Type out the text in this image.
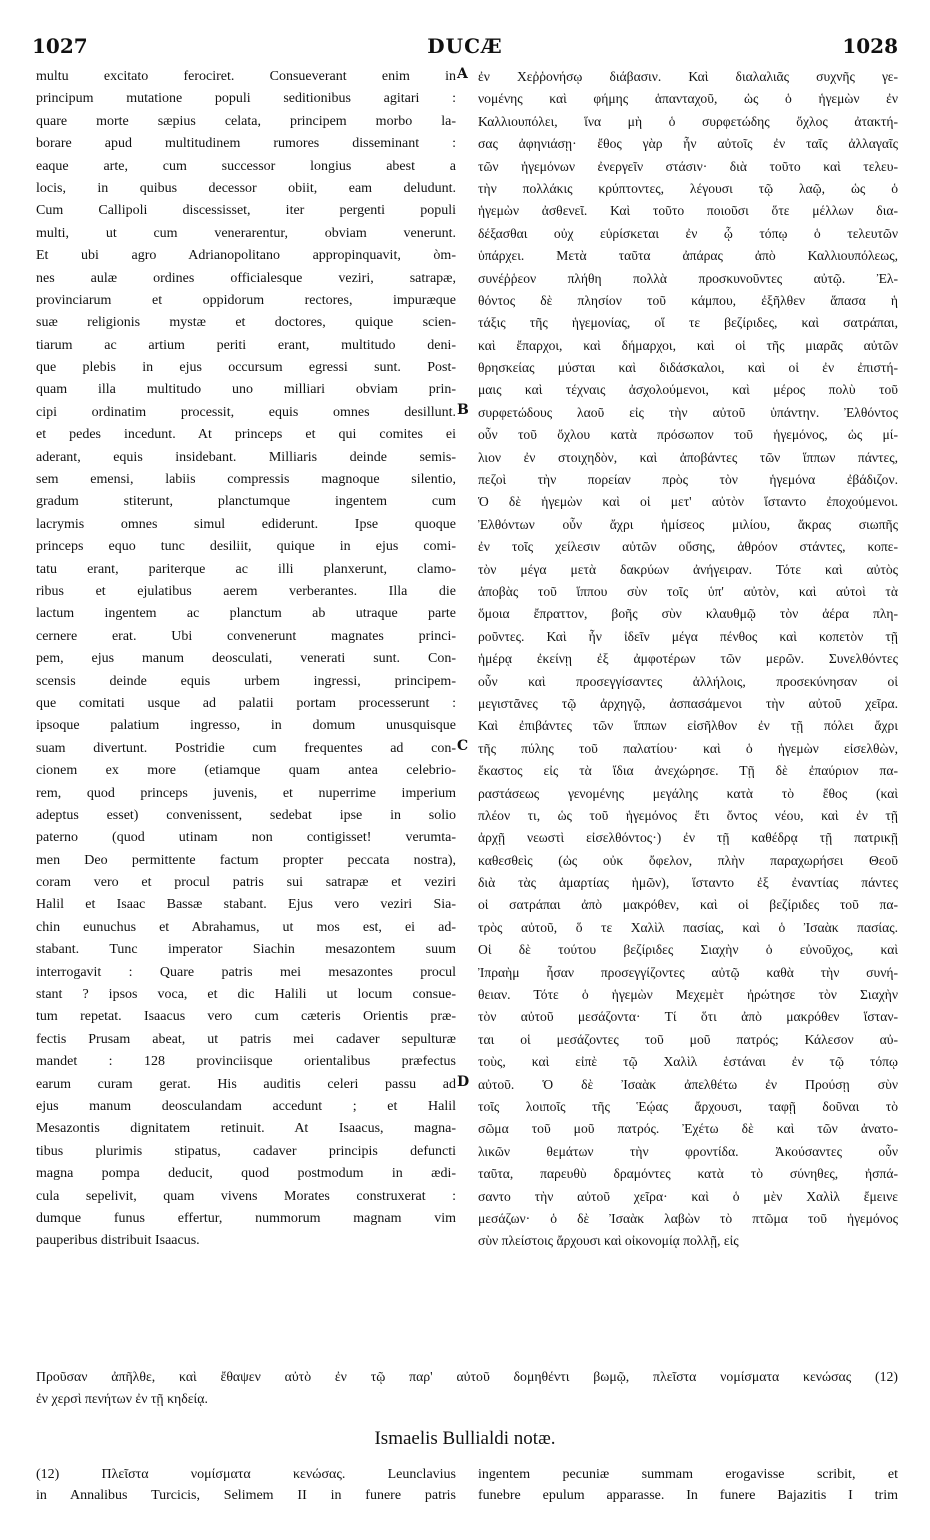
1027	DUCÆ	1028
multu excitato ferociret. Consueverant enim in
principum mutatione populi seditionibus agitari :
quare morte sæpius celata, principem morbo la-
borare apud multitudinem rumores disseminant :
eaque arte, cum successor longius abest a
locis, in quibus decessor obiit, eam deludunt.
Cum Callipoli discessisset, iter pergenti populi
multi, ut cum venerarentur, obviam venerunt.
Et ubi agro Adrianopolitano appropinquavit, òm-
nes aulæ ordines officialesque veziri, satrapæ,
provinciarum et oppidorum rectores, impuræque
suæ religionis mystæ et doctores, quique scien-
tiarum ac artium periti erant, multitudo deni-
que plebis in ejus occursum egressi sunt. Post-
quam illa multitudo uno milliari obviam prin-
cipi ordinatim processit, equis omnes desillunt.
et pedes incedunt. At princeps et qui comites ei
aderant, equis insidebant. Milliaris deinde semis-
sem emensi, labiis compressis magnoque silentio,
gradum stiterunt, planctumque ingentem cum
lacrymis omnes simul ediderunt. Ipse quoque
princeps equo tunc desiliit, quique in ejus comi-
tatu erant, pariterque ac illi planxerunt, clamo-
ribus et ejulatibus aerem verberantes. Illa die
lactum ingentem ac planctum ab utraque parte
cernere erat. Ubi convenerunt magnates princi-
pem, ejus manum deosculati, venerati sunt. Con-
scensis deinde equis urbem ingressi, principem-
que comitati usque ad palatii portam processerunt :
ipsoque palatium ingresso, in domum unusquisque
suam divertunt. Postridie cum frequentes ad con-
cionem ex more (etiamque quam antea celebrio-
rem, quod princeps juvenis, et nuperrime imperium
adeptus esset) convenissent, sedebat ipse in solio
paterno (quod utinam non contigisset! verumta-
men Deo permittente factum propter peccata nostra),
coram vero et procul patris sui satrapæ et veziri
Halil et Isaac Bassæ stabant. Ejus vero veziri Sia-
chin eunuchus et Abrahamus, ut mos est, ei ad-
stabant. Tunc imperator Siachin mesazontem suum
interrogavit : Quare patris mei mesazontes procul
stant ? ipsos voca, et dic Halili ut locum consue-
tum repetat. Isaacus vero cum cæteris Orientis præ-
fectis Prusam abeat, ut patris mei cadaver sepulturæ
mandet : 128 provinciisque orientalibus præfectus
earum curam gerat. His auditis celeri passu ad
ejus manum deosculandam accedunt ; et Halil
Mesazontis dignitatem retinuit. At Isaacus, magna-
tibus plurimis stipatus, cadaver principis defuncti
magna pompa deducit, quod postmodum in ædi-
cula sepelivit, quam vivens Morates construxerat :
dumque funus effertur, nummorum magnam vim
pauperibus distribuit Isaacus.
A
B
C
D
ἐν Χεῤῥονήσῳ διάβασιν. Καὶ διαλαλιᾶς συχνῆς γε-
νομένης καὶ φήμης ἁπανταχοῦ, ὡς ὁ ἡγεμὼν ἐν
Καλλιουπόλει, ἵνα μὴ ὁ συρφετώδης ὄχλος ἀτακτή-
σας ἀφηνιάσῃ· ἔθος γὰρ ἦν αὐτοῖς ἐν ταῖς ἀλλαγαῖς
τῶν ἡγεμόνων ἐνεργεῖν στάσιν· διὰ τοῦτο καὶ τελευ-
τὴν πολλάκις κρύπτοντες, λέγουσι τῷ λαῷ, ὡς ὁ
ἡγεμὼν ἀσθενεῖ. Καὶ τοῦτο ποιοῦσι ὅτε μέλλων δια-
δέξασθαι οὐχ εὑρίσκεται ἐν ᾧ τόπῳ ὁ τελευτῶν
ὑπάρχει. Μετὰ ταῦτα ἀπάρας ἀπὸ Καλλιουπόλεως,
συνέῤῥεον πλήθη πολλὰ προσκυνοῦντες αὐτῷ. Ἐλ-
θόντος δὲ πλησίον τοῦ κάμπου, ἐξῆλθεν ἅπασα ἡ
τάξις τῆς ἡγεμονίας, οἵ τε βεζίριδες, καὶ σατράπαι,
καὶ ἔπαρχοι, καὶ δήμαρχοι, καὶ οἱ τῆς μιαρᾶς αὐτῶν
θρησκείας μύσται καὶ διδάσκαλοι, καὶ οἱ ἐν ἐπιστή-
μαις καὶ τέχναις ἀσχολούμενοι, καὶ μέρος πολὺ τοῦ
συρφετώδους λαοῦ εἰς τὴν αὐτοῦ ὑπάντην. Ἐλθόντος
οὖν τοῦ ὄχλου κατὰ πρόσωπον τοῦ ἡγεμόνος, ὡς μί-
λιον ἐν στοιχηδὸν, καὶ ἀποβάντες τῶν ἵππων πάντες,
πεζοὶ τὴν πορείαν πρὸς τὸν ἡγεμόνα ἐβάδιζον.
Ὁ δὲ ἡγεμὼν καὶ οἱ μετ' αὐτὸν ἵσταντο ἐποχούμενοι.
Ἐλθόντων οὖν ἄχρι ἡμίσεος μιλίου, ἄκρας σιωπῆς
ἐν τοῖς χείλεσιν αὐτῶν οὔσης, ἀθρόον στάντες, κοπε-
τὸν μέγα μετὰ δακρύων ἀνήγειραν. Τότε καὶ αὐτὸς
ἀποβὰς τοῦ ἵππου σὺν τοῖς ὑπ' αὐτὸν, καὶ αὐτοὶ τὰ
ὅμοια ἔπραττον, βοῆς σὺν κλαυθμῷ τὸν ἀέρα πλη-
ροῦντες. Καὶ ἦν ἰδεῖν μέγα πένθος καὶ κοπετὸν τῇ
ἡμέρᾳ ἐκείνῃ ἐξ ἀμφοτέρων τῶν μερῶν. Συνελθόντες
οὖν καὶ προσεγγίσαντες ἀλλήλοις, προσεκύνησαν οἱ
μεγιστᾶνες τῷ ἀρχηγῷ, ἀσπασάμενοι τὴν αὐτοῦ χεῖρα.
Καὶ ἐπιβάντες τῶν ἵππων εἰσῆλθον ἐν τῇ πόλει ἄχρι
τῆς πύλης τοῦ παλατίου· καὶ ὁ ἡγεμὼν εἰσελθὼν,
ἕκαστος εἰς τὰ ἴδια ἀνεχώρησε. Τῇ δὲ ἐπαύριον πα-
ραστάσεως γενομένης μεγάλης κατὰ τὸ ἔθος (καὶ
πλέον τι, ὡς τοῦ ἡγεμόνος ἔτι ὄντος νέου, καὶ ἐν τῇ
ἀρχῇ νεωστὶ εἰσελθόντος·) ἐν τῇ καθέδρᾳ τῇ πατρικῇ
καθεσθεὶς (ὡς οὐκ ὄφελον, πλὴν παραχωρήσει Θεοῦ
διὰ τὰς ἁμαρτίας ἡμῶν), ἵσταντο ἐξ ἐναντίας πάντες
οἱ σατράπαι ἀπὸ μακρόθεν, καὶ οἱ βεζίριδες τοῦ πα-
τρὸς αὐτοῦ, ὅ τε Χαλὶλ πασίας, καὶ ὁ Ἰσαὰκ πασίας.
Οἱ δὲ τούτου βεζίριδες Σιαχὴν ὁ εὐνοῦχος, καὶ
Ἰπραὴμ ἦσαν προσεγγίζοντες αὐτῷ καθὰ τὴν συνή-
θειαν. Τότε ὁ ἡγεμὼν Μεχεμὲτ ἠρώτησε τὸν Σιαχὴν
τὸν αὐτοῦ μεσάζοντα· Τί ὅτι ἀπὸ μακρόθεν ἵσταν-
ται οἱ μεσάζοντες τοῦ μοῦ πατρός; Κάλεσον αὐ-
τοὺς, καὶ εἰπὲ τῷ Χαλὶλ ἑστάναι ἐν τῷ τόπῳ
αὐτοῦ. Ὁ δὲ Ἰσαὰκ ἀπελθέτω ἐν Προύσῃ σὺν
τοῖς λοιποῖς τῆς Ἑῴας ἄρχουσι, ταφῇ δοῦναι τὸ
σῶμα τοῦ μοῦ πατρός. Ἐχέτω δὲ καὶ τῶν ἀνατο-
λικῶν θεμάτων τὴν φροντίδα. Ἀκούσαντες οὖν
ταῦτα, παρευθὺ δραμόντες κατὰ τὸ σύνηθες, ἠσπά-
σαντο τὴν αὐτοῦ χεῖρα· καὶ ὁ μὲν Χαλὶλ ἔμεινε
μεσάζων· ὁ δὲ Ἰσαὰκ λαβὼν τὸ πτῶμα τοῦ ἡγεμόνος
σὺν πλείστοις ἄρχουσι καὶ οἰκονομίᾳ πολλῇ, εἰς
Προῦσαν ἀπῆλθε, καὶ ἔθαψεν αὐτὸ ἐν τῷ παρ' αὐτοῦ δομηθέντι βωμῷ, πλεῖστα νομίσματα κενώσας (12)
ἐν χερσὶ πενήτων ἐν τῇ κηδείᾳ.
Ismaelis Bullialdi notæ.
(12) Πλεῖστα νομίσματα κενώσας. Leunclavius
in Annalibus Turcicis, Selimem II in funere patris
ingentem pecuniæ summam erogavisse scribit, et
funebre epulum apparasse. In funere Bajazitis I trim
